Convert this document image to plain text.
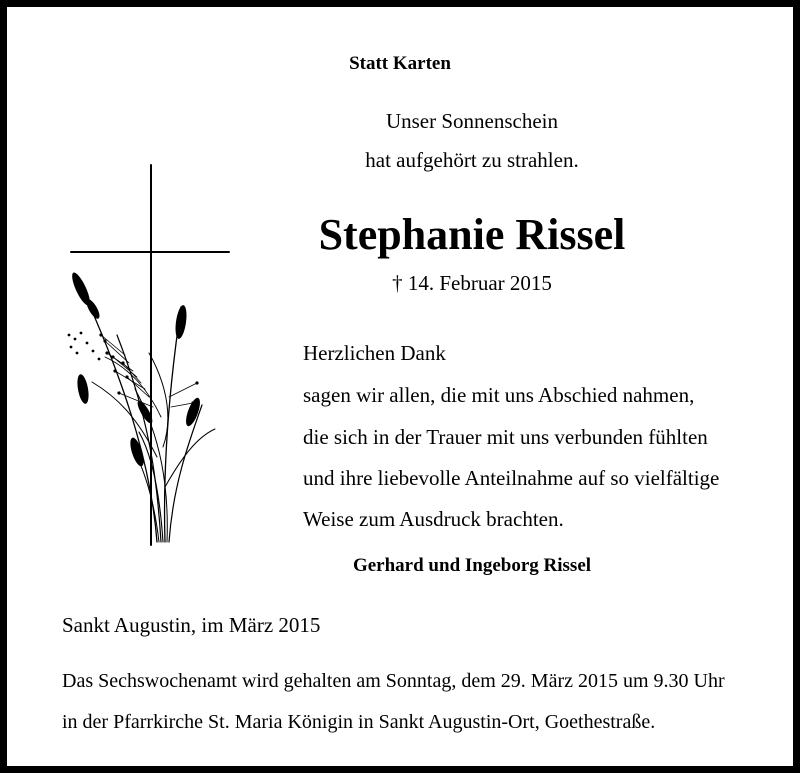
Statt Karten
Unser Sonnenschein
hat aufgehört zu strahlen.
Stephanie Rissel
† 14. Februar 2015
Herzlichen Dank
sagen wir allen, die mit uns Abschied nahmen,
die sich in der Trauer mit uns verbunden fühlten
und ihre liebevolle Anteilnahme auf so vielfältige
Weise zum Ausdruck brachten.
Gerhard und Ingeborg Rissel
Sankt Augustin, im März 2015
Das Sechswochenamt wird gehalten am Sonntag, dem 29. März 2015 um 9.30 Uhr
in der Pfarrkirche St. Maria Königin in Sankt Augustin-Ort, Goethestraße.
